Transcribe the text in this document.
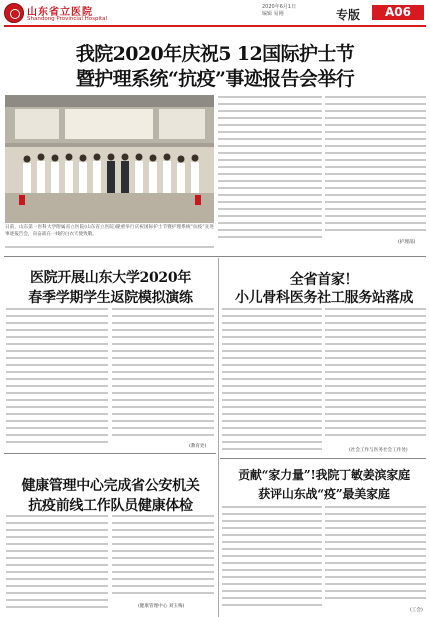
山东省立医院
Shandong Provincial Hospital
2020年6月1日
编辑 易刚	专版	A06
我院2020年庆祝5 12国际护士节
暨护理系统“抗疫”事迹报告会举行
日前，山东第一医科大学附属省立医院(山东省立医院)隆重举行庆祝国际护士节暨护理系统“抗疫”先进事迹报告会，向奋战在一线的白衣天使致敬。
(护理部)
医院开展山东大学2020年
春季学期学生返院模拟演练
(教育处)
全省首家！
小儿骨科医务社工服务站落成
(社会工作与医务社会工作处)
健康管理中心完成省公安机关
抗疫前线工作队员健康体检
(健康管理中心 刘玉梅)
贡献“家力量”!我院丁敏姜滨家庭
获评山东战“疫”最美家庭
(工会)
